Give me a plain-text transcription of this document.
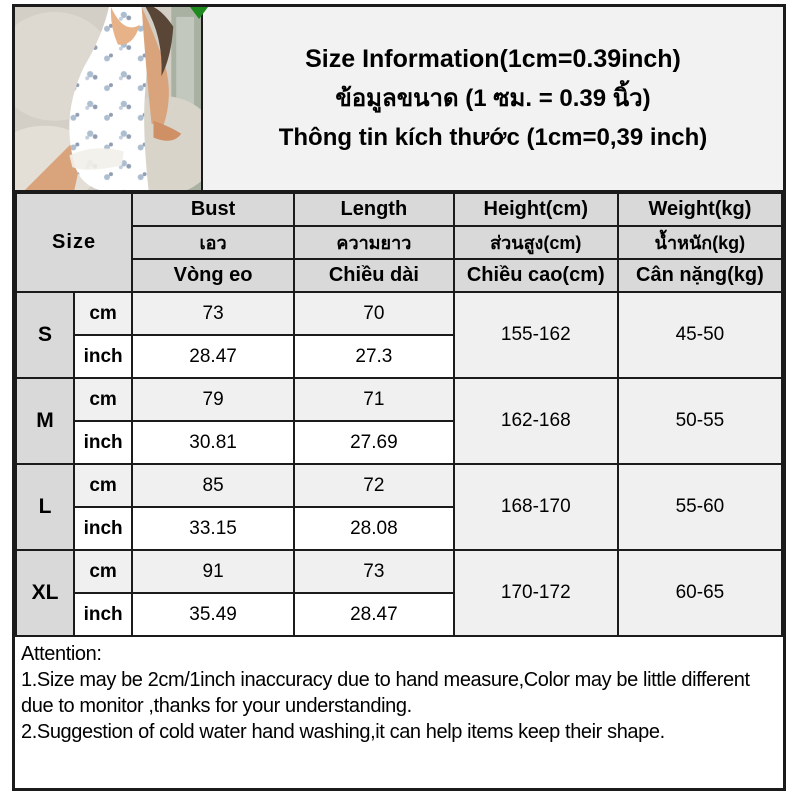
Size Information(1cm=0.39inch)
ข้อมูลขนาด (1 ซม. = 0.39 นิ้ว)
Thông tin kích thước (1cm=0,39 inch)
Size		Bust	Length	Height(cm)	Weight(kg)
		เอว	ความยาว	ส่วนสูง(cm)	น้ำหนัก(kg)
		Vòng eo	Chiều dài	Chiều cao(cm)	Cân nặng(kg)
S	cm	73	70	155-162	45-50
	inch	28.47	27.3		
M	cm	79	71	162-168	50-55
	inch	30.81	27.69		
L	cm	85	72	168-170	55-60
	inch	33.15	28.08		
XL	cm	91	73	170-172	60-65
	inch	35.49	28.47		
Attention:
1.Size may be 2cm/1inch inaccuracy due to hand measure,Color may be little different due to monitor ,thanks for your understanding.
2.Suggestion of cold water hand washing,it can help items keep their shape.
